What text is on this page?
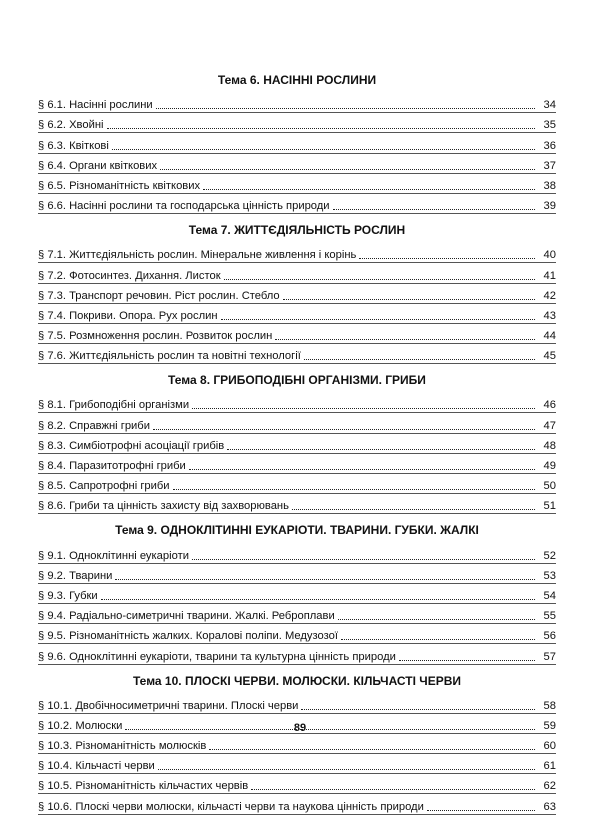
Тема 6. НАСІННІ РОСЛИНИ
§ 6.1. Насінні рослини	34
§ 6.2. Хвойні	35
§ 6.3. Квіткові	36
§ 6.4. Органи квіткових	37
§ 6.5. Різноманітність квіткових	38
§ 6.6. Насінні рослини та господарська цінність природи	39
Тема 7. ЖИТТЄДІЯЛЬНІСТЬ РОСЛИН
§ 7.1. Життєдіяльність рослин. Мінеральне живлення і корінь	40
§ 7.2. Фотосинтез. Дихання. Листок	41
§ 7.3. Транспорт речовин. Ріст рослин. Стебло	42
§ 7.4. Покриви. Опора. Рух рослин	43
§ 7.5. Розмноження рослин. Розвиток рослин	44
§ 7.6. Життєдіяльність рослин та новітні технології	45
Тема 8. ГРИБОПОДІБНІ ОРГАНІЗМИ. ГРИБИ
§ 8.1. Грибоподібні організми	46
§ 8.2. Справжні гриби	47
§ 8.3. Симбіотрофні асоціації грибів	48
§ 8.4. Паразитотрофні гриби	49
§ 8.5. Сапротрофні гриби	50
§ 8.6. Гриби та цінність захисту від захворювань	51
Тема 9. ОДНОКЛІТИННІ ЕУКАРІОТИ. ТВАРИНИ. ГУБКИ. ЖАЛКІ
§ 9.1. Одноклітинні еукаріоти	52
§ 9.2. Тварини	53
§ 9.3. Губки	54
§ 9.4. Радіально-симетричні тварини. Жалкі. Реброплави	55
§ 9.5. Різноманітність жалких. Коралові поліпи. Медузозої	56
§ 9.6. Одноклітинні еукаріоти, тварини та культурна цінність природи	57
Тема 10. ПЛОСКІ ЧЕРВИ. МОЛЮСКИ. КІЛЬЧАСТІ ЧЕРВИ
§ 10.1. Двобічносиметричні тварини. Плоскі черви	58
§ 10.2. Молюски	59
§ 10.3. Різноманітність молюсків	60
§ 10.4. Кільчасті черви	61
§ 10.5. Різноманітність кільчастих червів	62
§ 10.6. Плоскі черви молюски, кільчасті черви та наукова цінність природи	63
89
